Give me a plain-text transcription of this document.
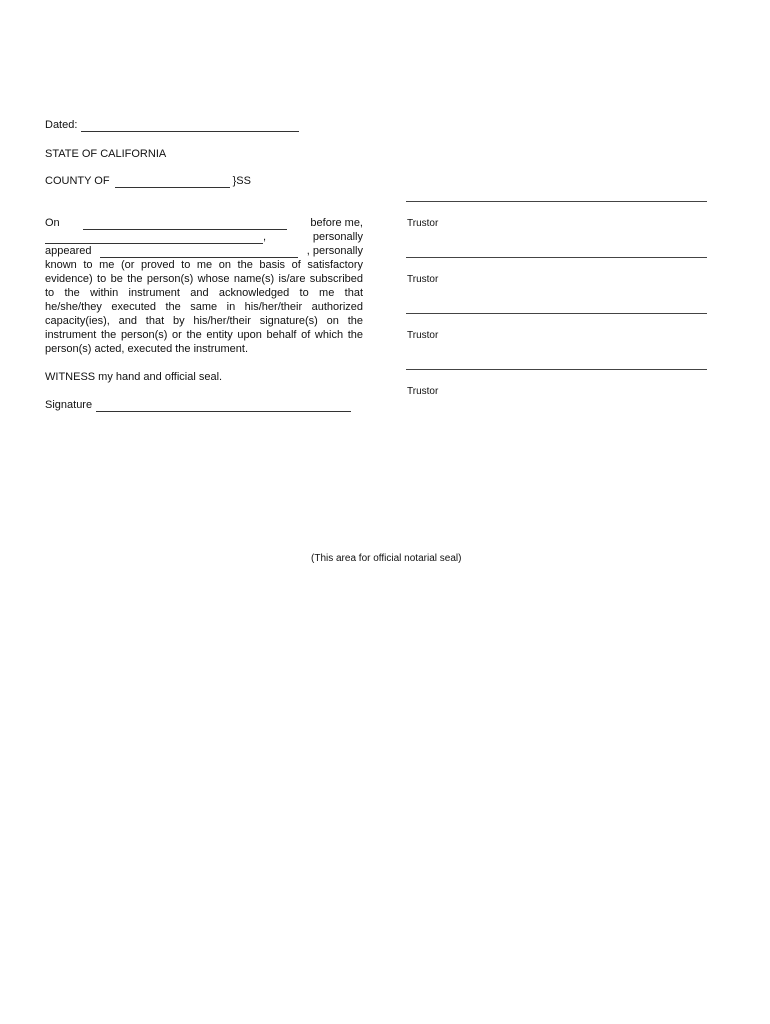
Dated:
STATE OF CALIFORNIA
COUNTY OF	}SS
On	before me,
,	personally
appeared	, personally
known to me (or proved to me on the basis of satisfactory evidence) to be the person(s) whose name(s) is/are subscribed to the within instrument and acknowledged to me that he/she/they executed the same in his/her/their authorized capacity(ies), and that by his/her/their signature(s) on the instrument the person(s) or the entity upon behalf of which the person(s) acted, executed the instrument.
WITNESS my hand and official seal.
Signature
Trustor
Trustor
Trustor
Trustor
(This area for official notarial seal)
